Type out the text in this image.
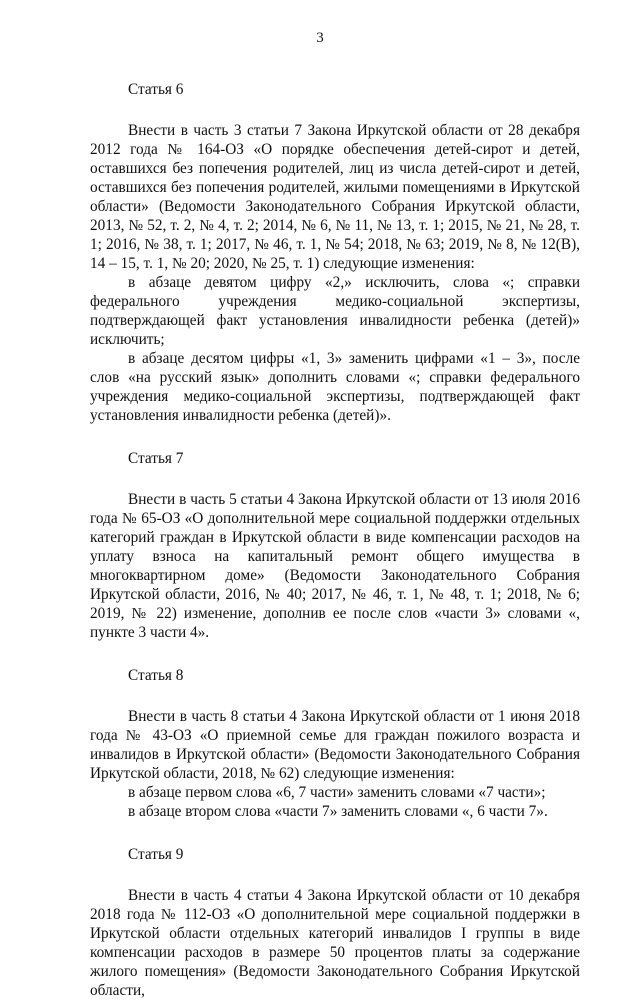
3
Статья 6

Внести в часть 3 статьи 7 Закона Иркутской области от 28 декабря 2012 года № 164-ОЗ «О порядке обеспечения детей-сирот и детей, оставшихся без попечения родителей, лиц из числа детей-сирот и детей, оставшихся без попечения родителей, жилыми помещениями в Иркутской области» (Ведомости Законодательного Собрания Иркутской области, 2013, № 52, т. 2, № 4, т. 2; 2014, № 6, № 11, № 13, т. 1; 2015, № 21, № 28, т. 1; 2016, № 38, т. 1; 2017, № 46, т. 1, № 54; 2018, № 63; 2019, № 8, № 12(В), 14 – 15, т. 1, № 20; 2020, № 25, т. 1) следующие изменения:

в абзаце девятом цифру «2,» исключить, слова «; справки федерального учреждения медико-социальной экспертизы, подтверждающей факт установления инвалидности ребенка (детей)» исключить;

в абзаце десятом цифры «1, 3» заменить цифрами «1 – 3», после слов «на русский язык» дополнить словами «; справки федерального учреждения медико-социальной экспертизы, подтверждающей факт установления инвалидности ребенка (детей)».

Статья 7

Внести в часть 5 статьи 4 Закона Иркутской области от 13 июля 2016 года № 65-ОЗ «О дополнительной мере социальной поддержки отдельных категорий граждан в Иркутской области в виде компенсации расходов на уплату взноса на капитальный ремонт общего имущества в многоквартирном доме» (Ведомости Законодательного Собрания Иркутской области, 2016, № 40; 2017, № 46, т. 1, № 48, т. 1; 2018, № 6; 2019, № 22) изменение, дополнив ее после слов «части 3» словами «, пункте 3 части 4».

Статья 8

Внести в часть 8 статьи 4 Закона Иркутской области от 1 июня 2018 года № 43-ОЗ «О приемной семье для граждан пожилого возраста и инвалидов в Иркутской области» (Ведомости Законодательного Собрания Иркутской области, 2018, № 62) следующие изменения:

в абзаце первом слова «6, 7 части» заменить словами «7 части»;

в абзаце втором слова «части 7» заменить словами «, 6 части 7».

Статья 9

Внести в часть 4 статьи 4 Закона Иркутской области от 10 декабря 2018 года № 112-ОЗ «О дополнительной мере социальной поддержки в Иркутской области отдельных категорий инвалидов I группы в виде компенсации расходов в размере 50 процентов платы за содержание жилого помещения» (Ведомости Законодательного Собрания Иркутской области,
